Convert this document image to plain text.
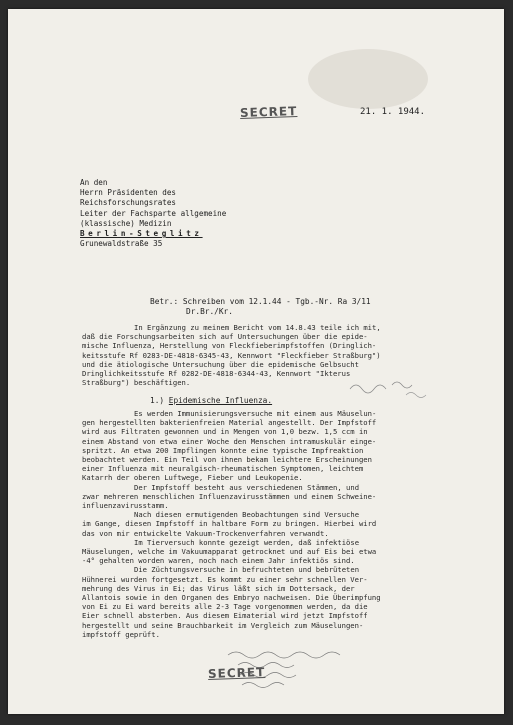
SECRET	21. 1. 1944.
An den
Herrn Präsidenten des
Reichsforschungsrates
Leiter der Fachsparte allgemeine
(klassische) Medizin
Berlin-Steglitz
Grunewaldstraße 35
Betr.: Schreiben vom 12.1.44 - Tgb.-Nr. Ra 3/11
Dr.Br./Kr.
In Ergänzung zu meinem Bericht vom 14.8.43 teile ich mit,
daß die Forschungsarbeiten sich auf Untersuchungen über die epide-
mische Influenza, Herstellung von Fleckfieberimpfstoffen (Dringlich-
keitsstufe Rf 0283-DE-4818-6345-43, Kennwort "Fleckfieber Straßburg")
und die ätiologische Untersuchung über die epidemische Gelbsucht
Dringlichkeitsstufe Rf 0282-DE-4818-6344-43, Kennwort "Ikterus
Straßburg") beschäftigen.
1.) Epidemische Influenza.
Es werden Immunisierungsversuche mit einem aus Mäuselun-
gen hergestellten bakterienfreien Material angestellt. Der Impfstoff
wird aus Filtraten gewonnen und in Mengen von 1,0 bezw. 1,5 ccm in
einem Abstand von etwa einer Woche den Menschen intramuskulär einge-
spritzt. An etwa 200 Impflingen konnte eine typische Impfreaktion
beobachtet werden. Ein Teil von ihnen bekam leichtere Erscheinungen
einer Influenza mit neuralgisch-rheumatischen Symptomen, leichtem
Katarrh der oberen Luftwege, Fieber und Leukopenie.
Der Impfstoff besteht aus verschiedenen Stämmen, und
zwar mehreren menschlichen Influenzavirusstämmen und einem Schweine-
influenzavirusstamm.
Nach diesen ermutigenden Beobachtungen sind Versuche
im Gange, diesen Impfstoff in haltbare Form zu bringen. Hierbei wird
das von mir entwickelte Vakuum-Trockenverfahren verwandt.
Im Tierversuch konnte gezeigt werden, daß infektiöse
Mäuselungen, welche im Vakuumapparat getrocknet und auf Eis bei etwa
-4° gehalten worden waren, noch nach einem Jahr infektiös sind.
Die Züchtungsversuche in befruchteten und bebrüteten
Hühnerei wurden fortgesetzt. Es kommt zu einer sehr schnellen Ver-
mehrung des Virus in Ei; das Virus läßt sich im Dottersack, der
Allantois sowie in den Organen des Embryo nachweisen. Die Überimpfung
von Ei zu Ei ward bereits alle 2-3 Tage vorgenommen werden, da die
Eier schnell absterben. Aus diesem Eimaterial wird jetzt Impfstoff
hergestellt und seine Brauchbarkeit im Vergleich zum Mäuselungen-
impfstoff geprüft.
SECRET
